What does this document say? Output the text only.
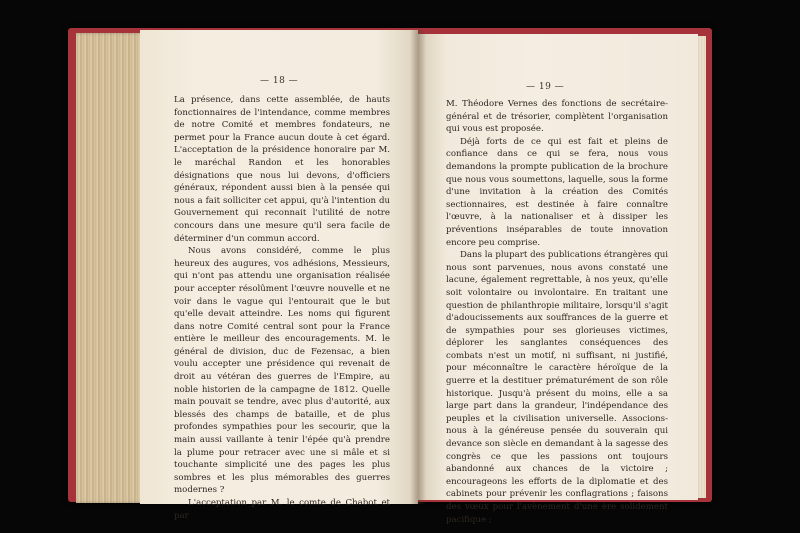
— 18 —

La présence, dans cette assemblée, de hauts fonctionnaires de l'intendance, comme membres de notre Comité et membres fondateurs, ne permet pour la France aucun doute à cet égard. L'acceptation de la présidence honoraire par M. le maréchal Randon et les honorables désignations que nous lui devons, d'officiers généraux, répondent aussi bien à la pensée qui nous a fait solliciter cet appui, qu'à l'intention du Gouvernement qui reconnait l'utilité de notre concours dans une mesure qu'il sera facile de déterminer d'un commun accord.

Nous avons considéré, comme le plus heureux des augures, vos adhésions, Messieurs, qui n'ont pas attendu une organisation réalisée pour accepter résolûment l'œuvre nouvelle et ne voir dans le vague qui l'entourait que le but qu'elle devait atteindre. Les noms qui figurent dans notre Comité central sont pour la France entière le meilleur des encouragements. M. le général de division, duc de Fezensac, a bien voulu accepter une présidence qui revenait de droit au vétéran des guerres de l'Empire, au noble historien de la campagne de 1812. Quelle main pouvait se tendre, avec plus d'autorité, aux blessés des champs de bataille, et de plus profondes sympathies pour les secourir, que la main aussi vaillante à tenir l'épée qu'à prendre la plume pour retracer avec une si mâle et si touchante simplicité une des pages les plus sombres et les plus mémorables des guerres modernes ?

L'acceptation par M. le comte de Chabot et par

— 19 —

M. Théodore Vernes des fonctions de secrétaire-général et de trésorier, complètent l'organisation qui vous est proposée.

Déjà forts de ce qui est fait et pleins de confiance dans ce qui se fera, nous vous demandons la prompte publication de la brochure que nous vous soumettons, laquelle, sous la forme d'une invitation à la création des Comités sectionnaires, est destinée à faire connaître l'œuvre, à la nationaliser et à dissiper les préventions inséparables de toute innovation encore peu comprise.

Dans la plupart des publications étrangères qui nous sont parvenues, nous avons constaté une lacune, également regrettable, à nos yeux, qu'elle soit volontaire ou involontaire. En traitant une question de philanthropie militaire, lorsqu'il s'agit d'adoucissements aux souffrances de la guerre et de sympathies pour ses glorieuses victimes, déplorer les sanglantes conséquences des combats n'est un motif, ni suffisant, ni justifié, pour méconnaître le caractère héroïque de la guerre et la destituer prématurément de son rôle historique. Jusqu'à présent du moins, elle a sa large part dans la grandeur, l'indépendance des peuples et la civilisation universelle. Associons-nous à la généreuse pensée du souverain qui devance son siècle en demandant à la sagesse des congrès ce que les passions ont toujours abandonné aux chances de la victoire ; encourageons les efforts de la diplomatie et des cabinets pour prévenir les conflagrations ; faisons des vœux pour l'avènement d'une ère solidement pacifique ;
